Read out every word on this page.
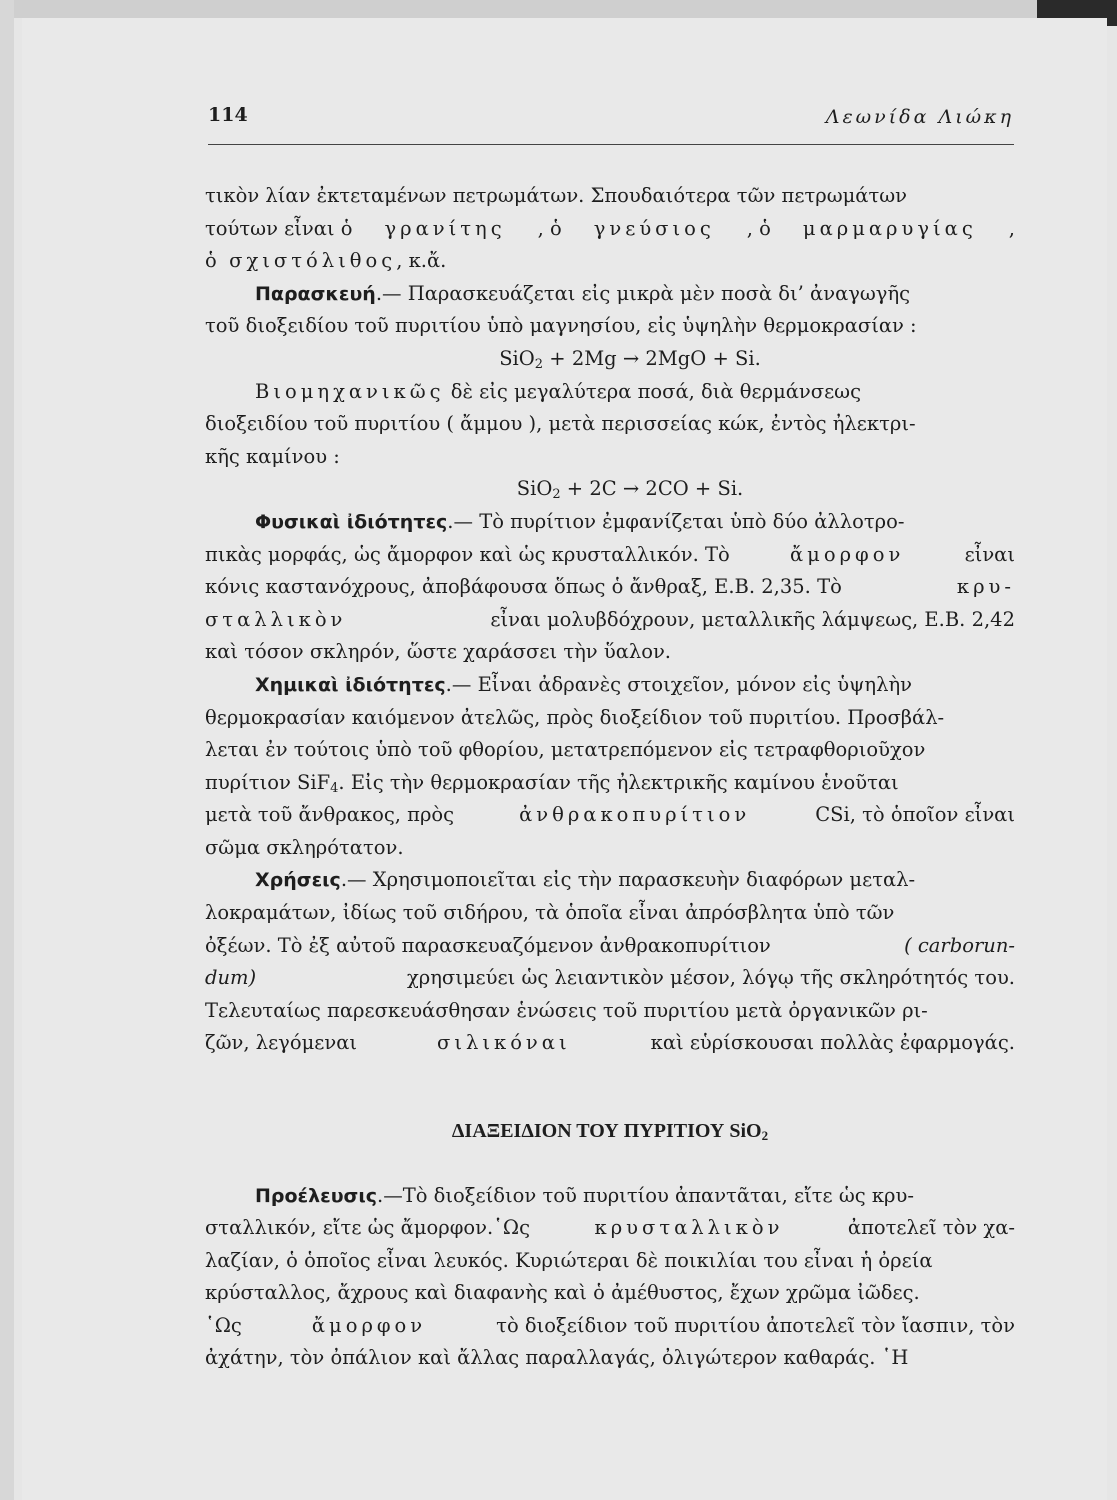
114	Λεωνίδα Λιώκη
τικὸν λίαν ἐκτεταμένων πετρωμάτων. Σπουδαιότερα τῶν πετρωμάτων
τούτων εἶναι ὁ γρανίτης , ὁ γνεύσιος , ὁ μαρμαρυγίας ,
ὁ
σχιστόλιθος , κ.ἄ.
Παρασκευή.— Παρασκευάζεται εἰς μικρὰ μὲν ποσὰ δι’ ἀναγωγῆς
τοῦ διοξειδίου τοῦ πυριτίου ὑπὸ μαγνησίου, εἰς ὑψηλὴν θερμοκρασίαν :
SiO$_2$ + 2Mg → 2MgO + Si.
Βιομηχανικῶς δὲ εἰς μεγαλύτερα ποσά, διὰ θερμάνσεως
διοξειδίου τοῦ πυριτίου ( ἄμμου ), μετὰ περισσείας κώκ, ἐντὸς ἠλεκτρι-
κῆς καμίνου :
SiO$_2$ + 2C → 2CO + Si.
Φυσικαὶ ἰδιότητες.— Τὸ πυρίτιον ἐμφανίζεται ὑπὸ δύο ἀλλοτρο-
πικὰς μορφάς, ὡς ἄμορφον καὶ ὡς κρυσταλλικόν. Τὸ	ἄμορφον	εἶναι
κόνις καστανόχρους, ἀποβάφουσα ὅπως ὁ ἄνθραξ, Ε.Β. 2,35. Τὸ	κρυ-
σταλλικὸν	εἶναι μολυβδόχρουν, μεταλλικῆς λάμψεως, Ε.Β. 2,42
καὶ τόσον σκληρόν, ὥστε χαράσσει τὴν ὕαλον.
Χημικαὶ ἰδιότητες.— Εἶναι ἀδρανὲς στοιχεῖον, μόνον εἰς ὑψηλὴν
θερμοκρασίαν καιόμενον ἀτελῶς, πρὸς διοξείδιον τοῦ πυριτίου. Προσβάλ-
λεται ἐν τούτοις ὑπὸ τοῦ φθορίου, μετατρεπόμενον εἰς τετραφθοριοῦχον
πυρίτιον SiF$_4$. Εἰς τὴν θερμοκρασίαν τῆς ἠλεκτρικῆς καμίνου ἑνοῦται
μετὰ τοῦ ἄνθρακος, πρὸς	ἀνθρακοπυρίτιον	CSi, τὸ ὁποῖον εἶναι
σῶμα σκληρότατον.
Χρήσεις.— Χρησιμοποιεῖται εἰς τὴν παρασκευὴν διαφόρων μεταλ-
λοκραμάτων, ἰδίως τοῦ σιδήρου, τὰ ὁποῖα εἶναι ἀπρόσβλητα ὑπὸ τῶν
ὀξέων. Τὸ ἐξ αὐτοῦ παρασκευαζόμενον ἀνθρακοπυρίτιον	( carborun-
dum)	χρησιμεύει ὡς λειαντικὸν μέσον, λόγῳ τῆς σκληρότητός του.
Τελευταίως παρεσκευάσθησαν ἑνώσεις τοῦ πυριτίου μετὰ ὀργανικῶν ρι-
ζῶν, λεγόμεναι	σιλικόναι	καὶ εὑρίσκουσαι πολλὰς ἐφαρμογάς.
ΔΙΑΞΕΙΔΙΟΝ ΤΟΥ ΠΥΡΙΤΙΟΥ SiO$_2$
Προέλευσις.—Τὸ διοξείδιον τοῦ πυριτίου ἀπαντᾶται, εἴτε ὡς κρυ-
σταλλικόν, εἴτε ὡς ἄμορφον.῾Ως	κρυσταλλικὸν	ἀποτελεῖ τὸν χα-
λαζίαν, ὁ ὁποῖος εἶναι λευκός. Κυριώτεραι δὲ ποικιλίαι του εἶναι ἡ ὀρεία
κρύσταλλος, ἄχρους καὶ διαφανὴς καὶ ὁ ἀμέθυστος, ἔχων χρῶμα ἰῶδες.
῾Ως	ἄμορφον	τὸ διοξείδιον τοῦ πυριτίου ἀποτελεῖ τὸν ἴασπιν, τὸν
ἀχάτην, τὸν ὀπάλιον καὶ ἄλλας παραλλαγάς, ὀλιγώτερον καθαράς. ῾Η
